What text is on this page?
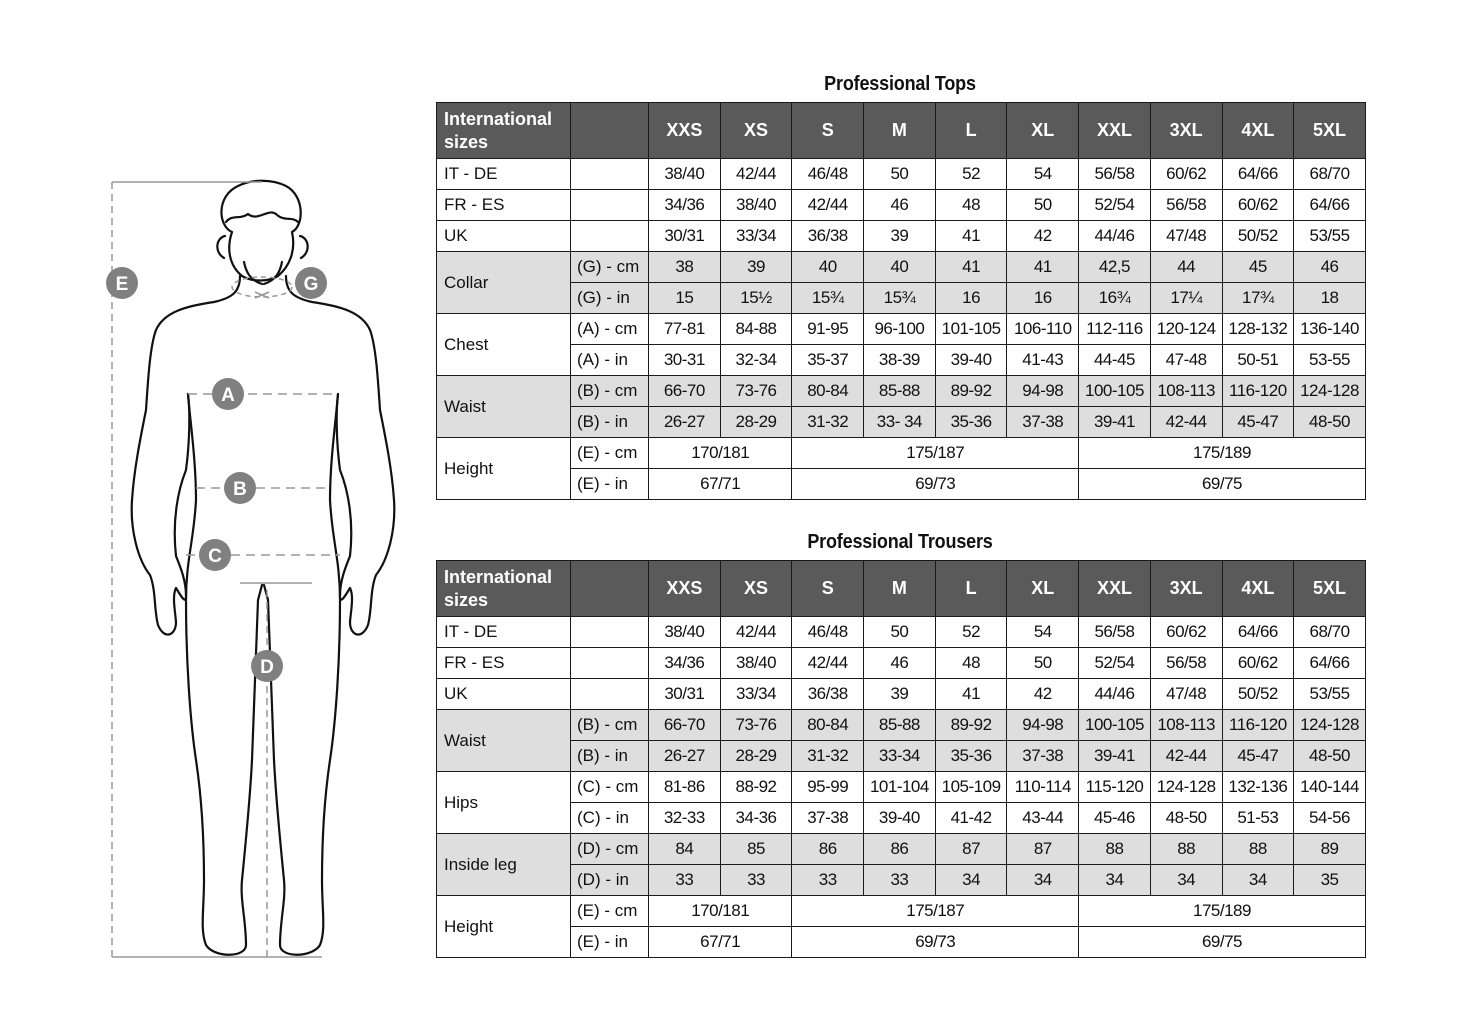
E	G
A
B
C
D
Professional Tops
International sizes		XXS	XS	S	M	L	XL	XXL	3XL	4XL	5XL
IT - DE		38/40	42/44	46/48	50	52	54	56/58	60/62	64/66	68/70
FR - ES		34/36	38/40	42/44	46	48	50	52/54	56/58	60/62	64/66
UK		30/31	33/34	36/38	39	41	42	44/46	47/48	50/52	53/55
Collar	(G) - cm	38	39	40	40	41	41	42,5	44	45	46
	(G) - in	15	15½	15¾	15¾	16	16	16¾	17¼	17¾	18
Chest	(A) - cm	77-81	84-88	91-95	96-100	101-105	106-110	112-116	120-124	128-132	136-140
	(A) - in	30-31	32-34	35-37	38-39	39-40	41-43	44-45	47-48	50-51	53-55
Waist	(B) - cm	66-70	73-76	80-84	85-88	89-92	94-98	100-105	108-113	116-120	124-128
	(B) - in	26-27	28-29	31-32	33- 34	35-36	37-38	39-41	42-44	45-47	48-50
Height	(E) - cm	170/181		175/187				175/189			
	(E) - in	67/71		69/73				69/75			
Professional Trousers
International sizes		XXS	XS	S	M	L	XL	XXL	3XL	4XL	5XL
IT - DE		38/40	42/44	46/48	50	52	54	56/58	60/62	64/66	68/70
FR - ES		34/36	38/40	42/44	46	48	50	52/54	56/58	60/62	64/66
UK		30/31	33/34	36/38	39	41	42	44/46	47/48	50/52	53/55
Waist	(B) - cm	66-70	73-76	80-84	85-88	89-92	94-98	100-105	108-113	116-120	124-128
	(B) - in	26-27	28-29	31-32	33-34	35-36	37-38	39-41	42-44	45-47	48-50
Hips	(C) - cm	81-86	88-92	95-99	101-104	105-109	110-114	115-120	124-128	132-136	140-144
	(C) - in	32-33	34-36	37-38	39-40	41-42	43-44	45-46	48-50	51-53	54-56
Inside leg	(D) - cm	84	85	86	86	87	87	88	88	88	89
	(D) - in	33	33	33	33	34	34	34	34	34	35
Height	(E) - cm	170/181		175/187				175/189			
	(E) - in	67/71		69/73				69/75			
